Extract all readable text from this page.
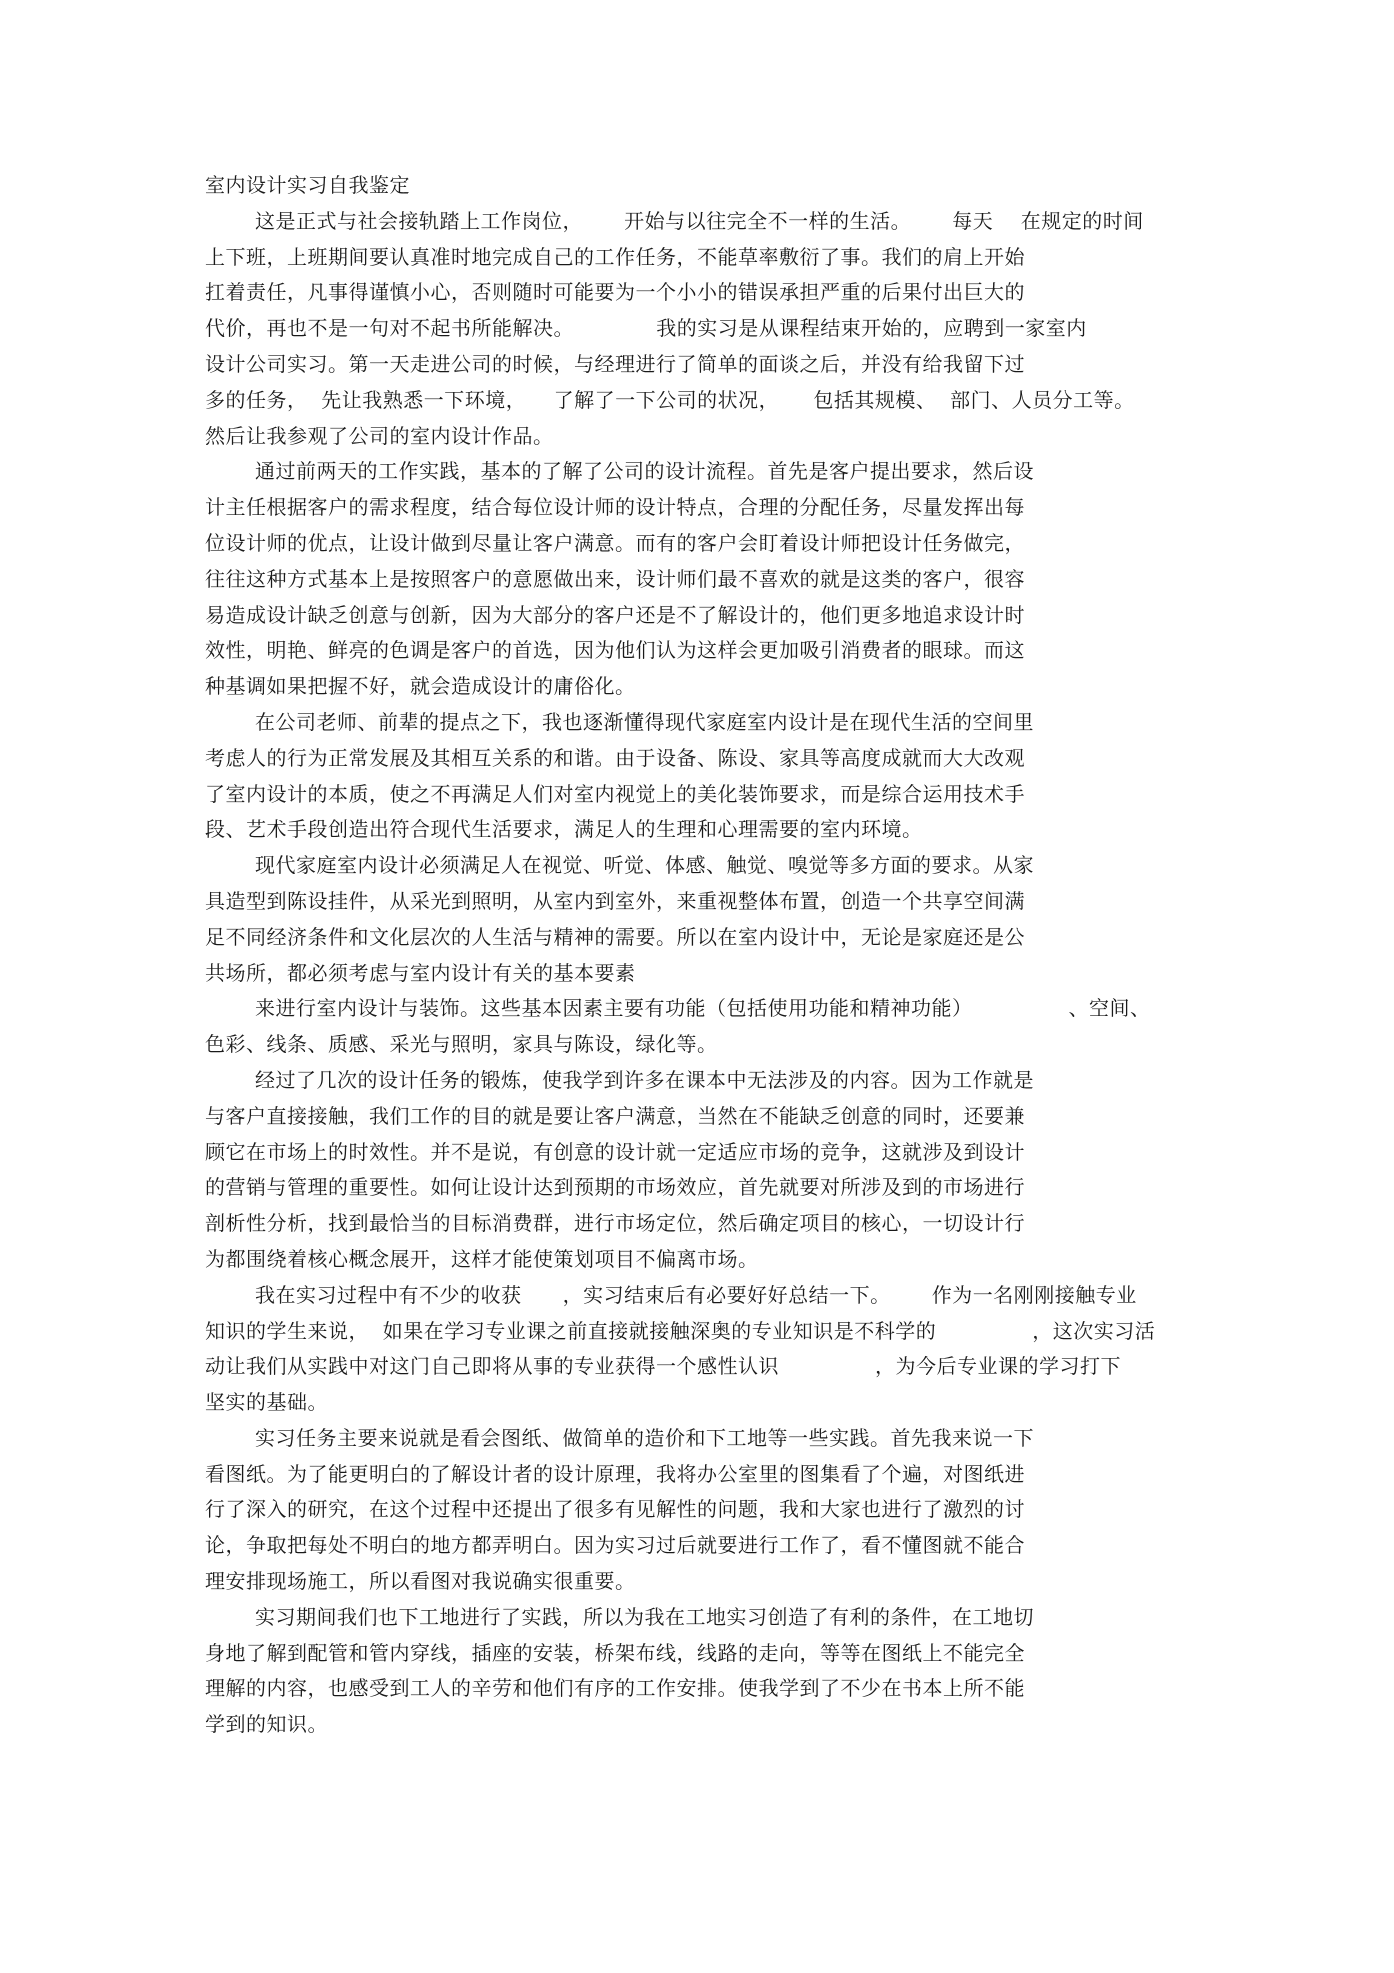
室内设计实习自我鉴定
这是正式与社会接轨踏上工作岗位，      开始与以往完全不一样的生活。      每天    在规定的时间
上下班，上班期间要认真准时地完成自己的工作任务，不能草率敷衍了事。我们的肩上开始
扛着责任，凡事得谨慎小心，否则随时可能要为一个小小的错误承担严重的后果付出巨大的
代价，再也不是一句对不起书所能解决。            我的实习是从课程结束开始的，应聘到一家室内
设计公司实习。第一天走进公司的时候，与经理进行了简单的面谈之后，并没有给我留下过
多的任务，  先让我熟悉一下环境，    了解了一下公司的状况，     包括其规模、  部门、人员分工等。
然后让我参观了公司的室内设计作品。
通过前两天的工作实践，基本的了解了公司的设计流程。首先是客户提出要求，然后设
计主任根据客户的需求程度，结合每位设计师的设计特点，合理的分配任务，尽量发挥出每
位设计师的优点，让设计做到尽量让客户满意。而有的客户会盯着设计师把设计任务做完，
往往这种方式基本上是按照客户的意愿做出来，设计师们最不喜欢的就是这类的客户，很容
易造成设计缺乏创意与创新，因为大部分的客户还是不了解设计的，他们更多地追求设计时
效性，明艳、鲜亮的色调是客户的首选，因为他们认为这样会更加吸引消费者的眼球。而这
种基调如果把握不好，就会造成设计的庸俗化。
在公司老师、前辈的提点之下，我也逐渐懂得现代家庭室内设计是在现代生活的空间里
考虑人的行为正常发展及其相互关系的和谐。由于设备、陈设、家具等高度成就而大大改观
了室内设计的本质，使之不再满足人们对室内视觉上的美化装饰要求，而是综合运用技术手
段、艺术手段创造出符合现代生活要求，满足人的生理和心理需要的室内环境。
现代家庭室内设计必须满足人在视觉、听觉、体感、触觉、嗅觉等多方面的要求。从家
具造型到陈设挂件，从采光到照明，从室内到室外，来重视整体布置，创造一个共享空间满
足不同经济条件和文化层次的人生活与精神的需要。所以在室内设计中，无论是家庭还是公
共场所，都必须考虑与室内设计有关的基本要素
来进行室内设计与装饰。这些基本因素主要有功能（包括使用功能和精神功能）              、空间、
色彩、线条、质感、采光与照明，家具与陈设，绿化等。
经过了几次的设计任务的锻炼，使我学到许多在课本中无法涉及的内容。因为工作就是
与客户直接接触，我们工作的目的就是要让客户满意，当然在不能缺乏创意的同时，还要兼
顾它在市场上的时效性。并不是说，有创意的设计就一定适应市场的竞争，这就涉及到设计
的营销与管理的重要性。如何让设计达到预期的市场效应，首先就要对所涉及到的市场进行
剖析性分析，找到最恰当的目标消费群，进行市场定位，然后确定项目的核心，一切设计行
为都围绕着核心概念展开，这样才能使策划项目不偏离市场。
我在实习过程中有不少的收获      ，实习结束后有必要好好总结一下。      作为一名刚刚接触专业
知识的学生来说，  如果在学习专业课之前直接就接触深奥的专业知识是不科学的              ，这次实习活
动让我们从实践中对这门自己即将从事的专业获得一个感性认识              ，为今后专业课的学习打下
坚实的基础。
实习任务主要来说就是看会图纸、做简单的造价和下工地等一些实践。首先我来说一下
看图纸。为了能更明白的了解设计者的设计原理，我将办公室里的图集看了个遍，对图纸进
行了深入的研究，在这个过程中还提出了很多有见解性的问题，我和大家也进行了激烈的讨
论，争取把每处不明白的地方都弄明白。因为实习过后就要进行工作了，看不懂图就不能合
理安排现场施工，所以看图对我说确实很重要。
实习期间我们也下工地进行了实践，所以为我在工地实习创造了有利的条件，在工地切
身地了解到配管和管内穿线，插座的安装，桥架布线，线路的走向，等等在图纸上不能完全
理解的内容，也感受到工人的辛劳和他们有序的工作安排。使我学到了不少在书本上所不能
学到的知识。
